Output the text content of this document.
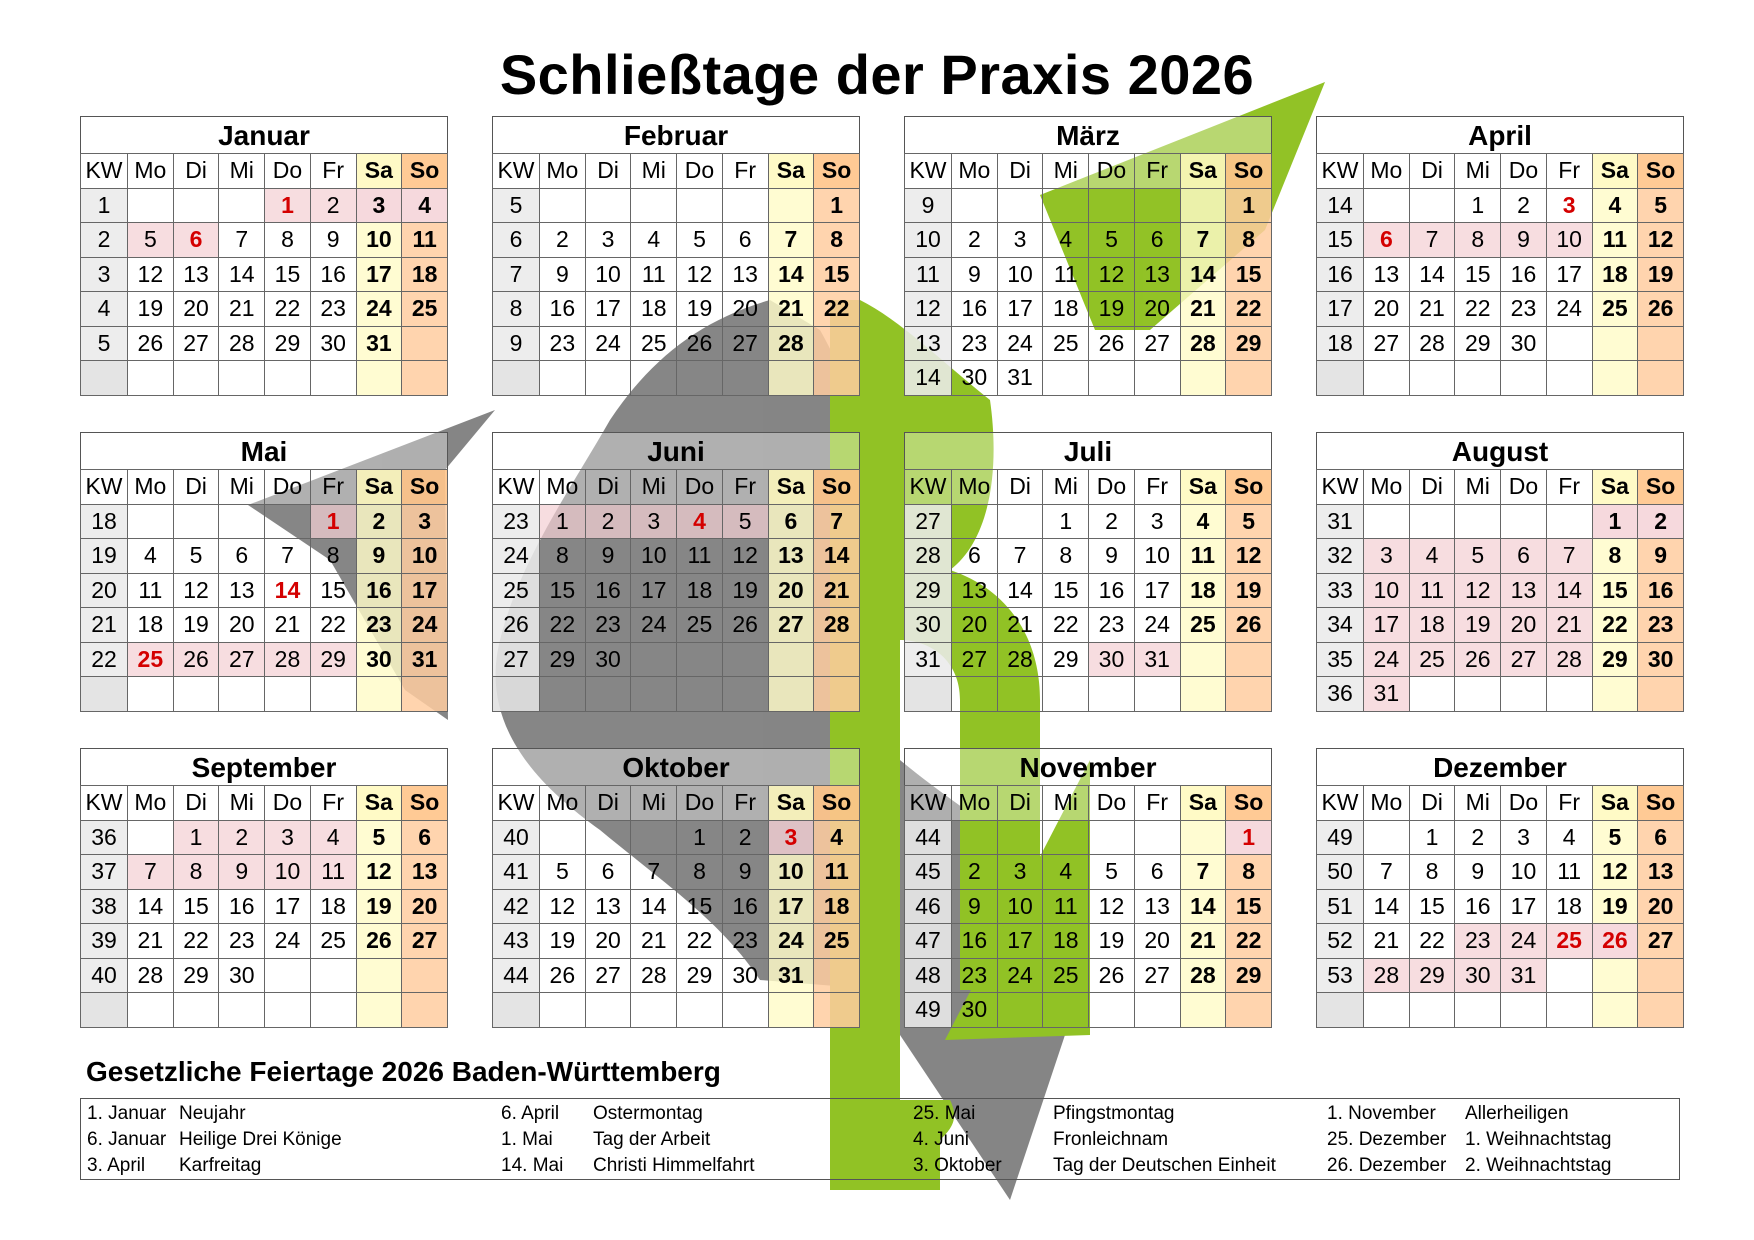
Schließtage der Praxis 2026
Januar
KW	Mo	Di	Mi	Do	Fr	Sa	So
1				1	2	3	4
2	5	6	7	8	9	10	11
3	12	13	14	15	16	17	18
4	19	20	21	22	23	24	25
5	26	27	28	29	30	31	

Februar
KW	Mo	Di	Mi	Do	Fr	Sa	So
5							1
6	2	3	4	5	6	7	8
7	9	10	11	12	13	14	15
8	16	17	18	19	20	21	22
9	23	24	25	26	27	28	

März
KW	Mo	Di	Mi	Do	Fr	Sa	So
9							1
10	2	3	4	5	6	7	8
11	9	10	11	12	13	14	15
12	16	17	18	19	20	21	22
13	23	24	25	26	27	28	29
14	30	31					
April
KW	Mo	Di	Mi	Do	Fr	Sa	So
14			1	2	3	4	5
15	6	7	8	9	10	11	12
16	13	14	15	16	17	18	19
17	20	21	22	23	24	25	26
18	27	28	29	30			

Mai
KW	Mo	Di	Mi	Do	Fr	Sa	So
18					1	2	3
19	4	5	6	7	8	9	10
20	11	12	13	14	15	16	17
21	18	19	20	21	22	23	24
22	25	26	27	28	29	30	31

Juni
KW	Mo	Di	Mi	Do	Fr	Sa	So
23	1	2	3	4	5	6	7
24	8	9	10	11	12	13	14
25	15	16	17	18	19	20	21
26	22	23	24	25	26	27	28
27	29	30					

Juli
KW	Mo	Di	Mi	Do	Fr	Sa	So
27			1	2	3	4	5
28	6	7	8	9	10	11	12
29	13	14	15	16	17	18	19
30	20	21	22	23	24	25	26
31	27	28	29	30	31		

August
KW	Mo	Di	Mi	Do	Fr	Sa	So
31						1	2
32	3	4	5	6	7	8	9
33	10	11	12	13	14	15	16
34	17	18	19	20	21	22	23
35	24	25	26	27	28	29	30
36	31						
September
KW	Mo	Di	Mi	Do	Fr	Sa	So
36		1	2	3	4	5	6
37	7	8	9	10	11	12	13
38	14	15	16	17	18	19	20
39	21	22	23	24	25	26	27
40	28	29	30				

Oktober
KW	Mo	Di	Mi	Do	Fr	Sa	So
40				1	2	3	4
41	5	6	7	8	9	10	11
42	12	13	14	15	16	17	18
43	19	20	21	22	23	24	25
44	26	27	28	29	30	31	

November
KW	Mo	Di	Mi	Do	Fr	Sa	So
44							1
45	2	3	4	5	6	7	8
46	9	10	11	12	13	14	15
47	16	17	18	19	20	21	22
48	23	24	25	26	27	28	29
49	30						
Dezember
KW	Mo	Di	Mi	Do	Fr	Sa	So
49		1	2	3	4	5	6
50	7	8	9	10	11	12	13
51	14	15	16	17	18	19	20
52	21	22	23	24	25	26	27
53	28	29	30	31			

Gesetzliche Feiertage 2026 Baden-Württemberg
1. Januar Neujahr
6. Januar Heilige Drei Könige
3. April Karfreitag
6. April Ostermontag
1. Mai Tag der Arbeit
14. Mai Christi Himmelfahrt
25. Mai	Pfingstmontag
4. Juni	Fronleichnam
3. Oktober	Tag der Deutschen Einheit
1. November Allerheiligen
25. Dezember 1. Weihnachtstag
26. Dezember 2. Weihnachtstag
